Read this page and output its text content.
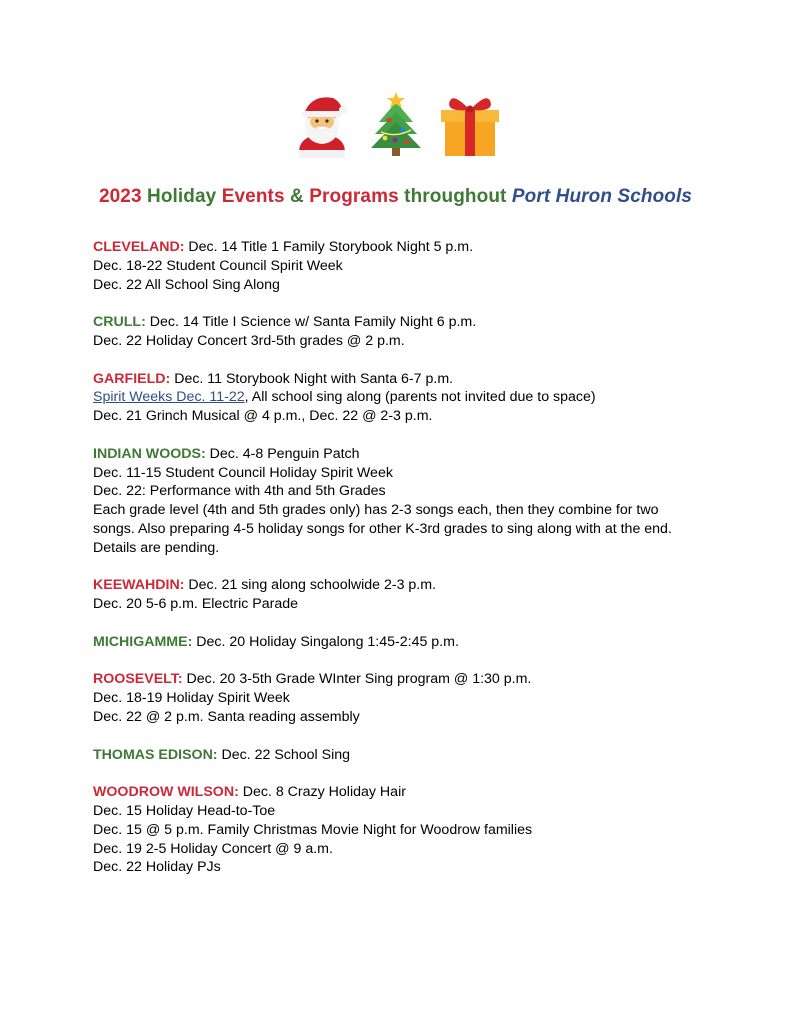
2023 Holiday Events & Programs throughout Port Huron Schools
CLEVELAND: Dec. 14 Title 1 Family Storybook Night 5 p.m.
Dec. 18-22 Student Council Spirit Week
Dec. 22 All School Sing Along
CRULL: Dec. 14 Title I Science w/ Santa Family Night 6 p.m.
Dec. 22 Holiday Concert 3rd-5th grades @ 2 p.m.
GARFIELD: Dec. 11 Storybook Night with Santa 6-7 p.m.
Spirit Weeks Dec. 11-22, All school sing along (parents not invited due to space)
Dec. 21 Grinch Musical @ 4 p.m., Dec. 22 @ 2-3 p.m.
INDIAN WOODS: Dec. 4-8 Penguin Patch
Dec. 11-15 Student Council Holiday Spirit Week
Dec. 22: Performance with 4th and 5th Grades
Each grade level (4th and 5th grades only) has 2-3 songs each, then they combine for two songs. Also preparing 4-5 holiday songs for other K-3rd grades to sing along with at the end. Details are pending.
KEEWAHDIN: Dec. 21 sing along schoolwide 2-3 p.m.
Dec. 20 5-6 p.m. Electric Parade
MICHIGAMME: Dec. 20 Holiday Singalong 1:45-2:45 p.m.
ROOSEVELT: Dec. 20 3-5th Grade WInter Sing program @ 1:30 p.m.
Dec. 18-19 Holiday Spirit Week
Dec. 22 @ 2 p.m. Santa reading assembly
THOMAS EDISON: Dec. 22 School Sing
WOODROW WILSON: Dec. 8 Crazy Holiday Hair
Dec. 15 Holiday Head-to-Toe
Dec. 15 @ 5 p.m. Family Christmas Movie Night for Woodrow families
Dec. 19 2-5 Holiday Concert @ 9 a.m.
Dec. 22 Holiday PJs
